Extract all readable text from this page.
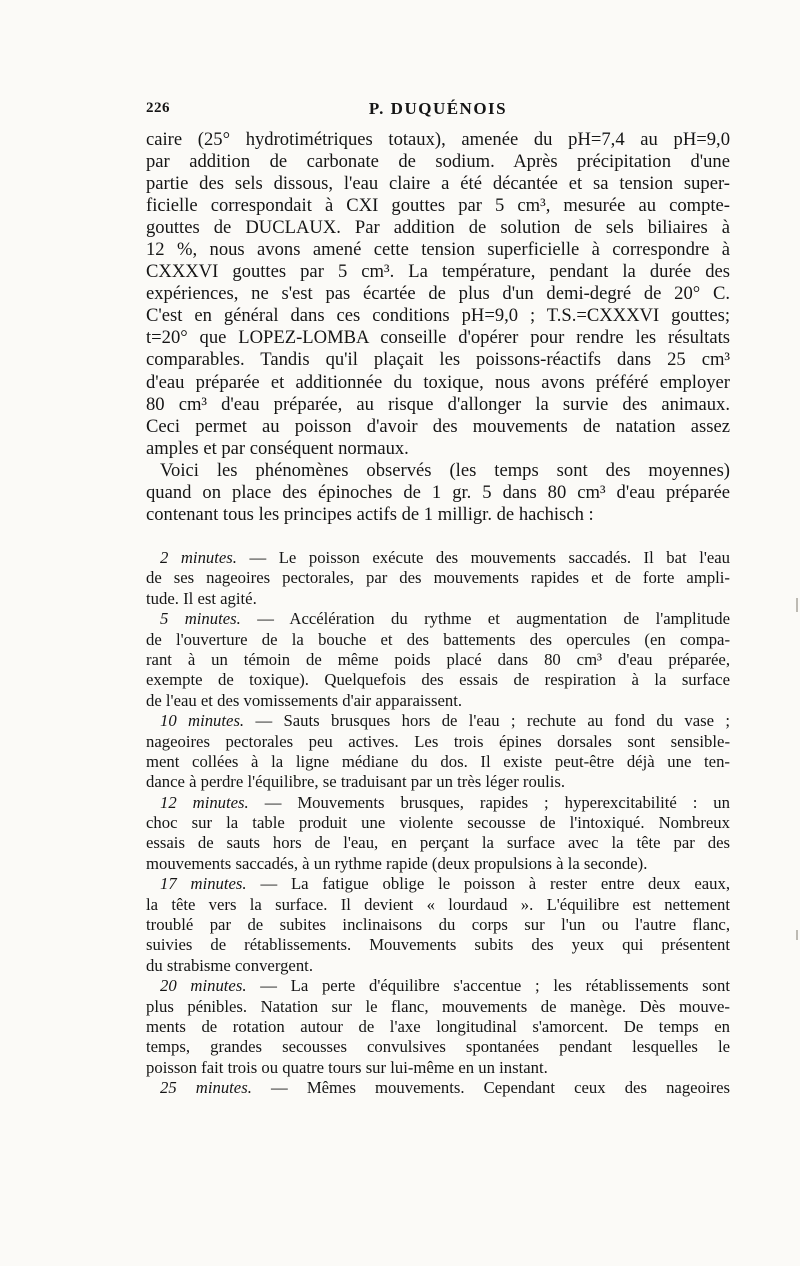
226	P. DUQUÉNOIS
caire (25° hydrotimétriques totaux), amenée du pH=7,4 au pH=9,0
par addition de carbonate de sodium. Après précipitation d'une
partie des sels dissous, l'eau claire a été décantée et sa tension super-
ficielle correspondait à CXI gouttes par 5 cm³, mesurée au compte-
gouttes de DUCLAUX. Par addition de solution de sels biliaires à
12 %, nous avons amené cette tension superficielle à correspondre à
CXXXVI gouttes par 5 cm³. La température, pendant la durée des
expériences, ne s'est pas écartée de plus d'un demi-degré de 20° C.
C'est en général dans ces conditions pH=9,0 ; T.S.=CXXXVI gouttes;
t=20° que LOPEZ-LOMBA conseille d'opérer pour rendre les résultats
comparables. Tandis qu'il plaçait les poissons-réactifs dans 25 cm³
d'eau préparée et additionnée du toxique, nous avons préféré employer
80 cm³ d'eau préparée, au risque d'allonger la survie des animaux.
Ceci permet au poisson d'avoir des mouvements de natation assez
amples et par conséquent normaux.
Voici les phénomènes observés (les temps sont des moyennes)
quand on place des épinoches de 1 gr. 5 dans 80 cm³ d'eau préparée
contenant tous les principes actifs de 1 milligr. de hachisch :
2 minutes. — Le poisson exécute des mouvements saccadés. Il bat l'eau
de ses nageoires pectorales, par des mouvements rapides et de forte ampli-
tude. Il est agité.
5 minutes. — Accélération du rythme et augmentation de l'amplitude
de l'ouverture de la bouche et des battements des opercules (en compa-
rant à un témoin de même poids placé dans 80 cm³ d'eau préparée,
exempte de toxique). Quelquefois des essais de respiration à la surface
de l'eau et des vomissements d'air apparaissent.
10 minutes. — Sauts brusques hors de l'eau ; rechute au fond du vase ;
nageoires pectorales peu actives. Les trois épines dorsales sont sensible-
ment collées à la ligne médiane du dos. Il existe peut-être déjà une ten-
dance à perdre l'équilibre, se traduisant par un très léger roulis.
12 minutes. — Mouvements brusques, rapides ; hyperexcitabilité : un
choc sur la table produit une violente secousse de l'intoxiqué. Nombreux
essais de sauts hors de l'eau, en perçant la surface avec la tête par des
mouvements saccadés, à un rythme rapide (deux propulsions à la seconde).
17 minutes. — La fatigue oblige le poisson à rester entre deux eaux,
la tête vers la surface. Il devient « lourdaud ». L'équilibre est nettement
troublé par de subites inclinaisons du corps sur l'un ou l'autre flanc,
suivies de rétablissements. Mouvements subits des yeux qui présentent
du strabisme convergent.
20 minutes. — La perte d'équilibre s'accentue ; les rétablissements sont
plus pénibles. Natation sur le flanc, mouvements de manège. Dès mouve-
ments de rotation autour de l'axe longitudinal s'amorcent. De temps en
temps, grandes secousses convulsives spontanées pendant lesquelles le
poisson fait trois ou quatre tours sur lui-même en un instant.
25 minutes. — Mêmes mouvements. Cependant ceux des nageoires
